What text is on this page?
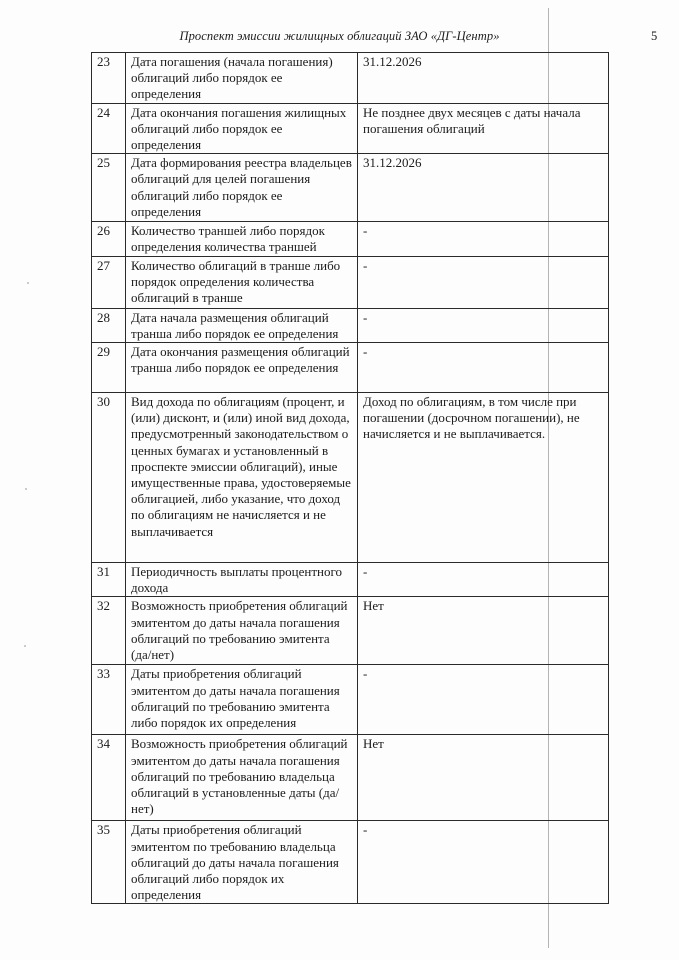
Проспект эмиссии жилищных облигаций ЗАО «ДГ-Центр»	5
23	Дата погашения (начала погашения) облигаций либо порядок ее определения	31.12.2026
24	Дата окончания погашения жилищных облигаций либо порядок ее определения	Не позднее двух месяцев с даты начала погашения облигаций
25	Дата формирования реестра владельцев облигаций для целей погашения облигаций либо порядок ее определения	31.12.2026
26	Количество траншей либо порядок определения количества траншей	-
27	Количество облигаций в транше либо порядок определения количества облигаций в транше	-
28	Дата начала размещения облигаций транша либо порядок ее определения	-
29	Дата окончания размещения облигаций транша либо порядок ее определения	-
30	Вид дохода по облигациям (процент, и (или) дисконт, и (или) иной вид дохода, предусмотренный законодательством о ценных бумагах и установленный в проспекте эмиссии облигаций), иные имущественные права, удостоверяемые облигацией, либо указание, что доход по облигациям не начисляется и не выплачивается	Доход по облигациям, в том числе при погашении (досрочном погашении), не начисляется и не выплачивается.
31	Периодичность выплаты процентного дохода	-
32	Возможность приобретения облигаций эмитентом до даты начала погашения облигаций по требованию эмитента (да/нет)	Нет
33	Даты приобретения облигаций эмитентом до даты начала погашения облигаций по требованию эмитента либо порядок их определения	-
34	Возможность приобретения облигаций эмитентом до даты начала погашения облигаций по требованию владельца облигаций в установленные даты (да/нет)	Нет
35	Даты приобретения облигаций эмитентом по требованию владельца облигаций до даты начала погашения облигаций либо порядок их определения	-
